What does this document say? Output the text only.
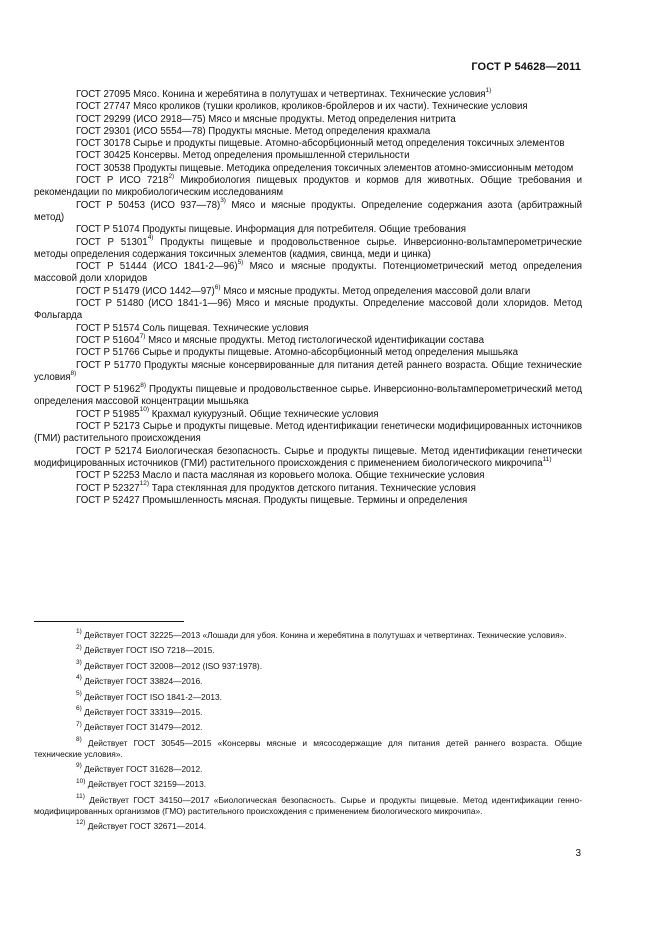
ГОСТ Р 54628—2011

ГОСТ 27095 Мясо. Конина и жеребятина в полутушах и четвертинах. Технические условия$^{1)}$

ГОСТ 27747 Мясо кроликов (тушки кроликов, кроликов-бройлеров и их части). Технические условия

ГОСТ 29299 (ИСО 2918—75) Мясо и мясные продукты. Метод определения нитрита

ГОСТ 29301 (ИСО 5554—78) Продукты мясные. Метод определения крахмала

ГОСТ 30178 Сырье и продукты пищевые. Атомно-абсорбционный метод определения токсичных элементов

ГОСТ 30425 Консервы. Метод определения промышленной стерильности

ГОСТ 30538 Продукты пищевые. Методика определения токсичных элементов атомно-эмиссионным методом

ГОСТ Р ИСО 7218$^{2)}$ Микробиология пищевых продуктов и кормов для животных. Общие требования и рекомендации по микробиологическим исследованиям

ГОСТ Р 50453 (ИСО 937—78)$^{3)}$ Мясо и мясные продукты. Определение содержания азота (арбитражный метод)

ГОСТ Р 51074 Продукты пищевые. Информация для потребителя. Общие требования

ГОСТ Р 51301$^{4)}$ Продукты пищевые и продовольственное сырье. Инверсионно-вольтамперометрические методы определения содержания токсичных элементов (кадмия, свинца, меди и цинка)

ГОСТ Р 51444 (ИСО 1841-2—96)$^{5)}$ Мясо и мясные продукты. Потенциометрический метод определения массовой доли хлоридов

ГОСТ Р 51479 (ИСО 1442—97)$^{6)}$ Мясо и мясные продукты. Метод определения массовой доли влаги

ГОСТ Р 51480 (ИСО 1841-1—96) Мясо и мясные продукты. Определение массовой доли хлоридов. Метод Фольгарда

ГОСТ Р 51574 Соль пищевая. Технические условия

ГОСТ Р 51604$^{7)}$ Мясо и мясные продукты. Метод гистологической идентификации состава

ГОСТ Р 51766 Сырье и продукты пищевые. Атомно-абсорбционный метод определения мышьяка

ГОСТ Р 51770 Продукты мясные консервированные для питания детей раннего возраста. Общие технические условия$^{8)}$

ГОСТ Р 51962$^{8)}$ Продукты пищевые и продовольственное сырье. Инверсионно-вольтамперометрический метод определения массовой концентрации мышьяка

ГОСТ Р 51985$^{10)}$ Крахмал кукурузный. Общие технические условия

ГОСТ Р 52173 Сырье и продукты пищевые. Метод идентификации генетически модифицированных источников (ГМИ) растительного происхождения

ГОСТ Р 52174 Биологическая безопасность. Сырье и продукты пищевые. Метод идентификации генетически модифицированных источников (ГМИ) растительного происхождения с применением биологического микрочипа$^{11)}$

ГОСТ Р 52253 Масло и паста масляная из коровьего молока. Общие технические условия

ГОСТ Р 52327$^{12)}$ Тара стеклянная для продуктов детского питания. Технические условия

ГОСТ Р 52427 Промышленность мясная. Продукты пищевые. Термины и определения

$^{1)}$ Действует ГОСТ 32225—2013 «Лошади для убоя. Конина и жеребятина в полутушах и четвертинах. Технические условия».

$^{2)}$ Действует ГОСТ ISO 7218—2015.

$^{3)}$ Действует ГОСТ 32008—2012 (ISO 937:1978).

$^{4)}$ Действует ГОСТ 33824—2016.

$^{5)}$ Действует ГОСТ ISO 1841-2—2013.

$^{6)}$ Действует ГОСТ 33319—2015.

$^{7)}$ Действует ГОСТ 31479—2012.

$^{8)}$ Действует ГОСТ 30545—2015 «Консервы мясные и мясосодержащие для питания детей раннего возраста. Общие технические условия».

$^{9)}$ Действует ГОСТ 31628—2012.

$^{10)}$ Действует ГОСТ 32159—2013.

$^{11)}$ Действует ГОСТ 34150—2017 «Биологическая безопасность. Сырье и продукты пищевые. Метод идентификации генно-модифицированных организмов (ГМО) растительного происхождения с применением биологического микрочипа».

$^{12)}$ Действует ГОСТ 32671—2014.

3
